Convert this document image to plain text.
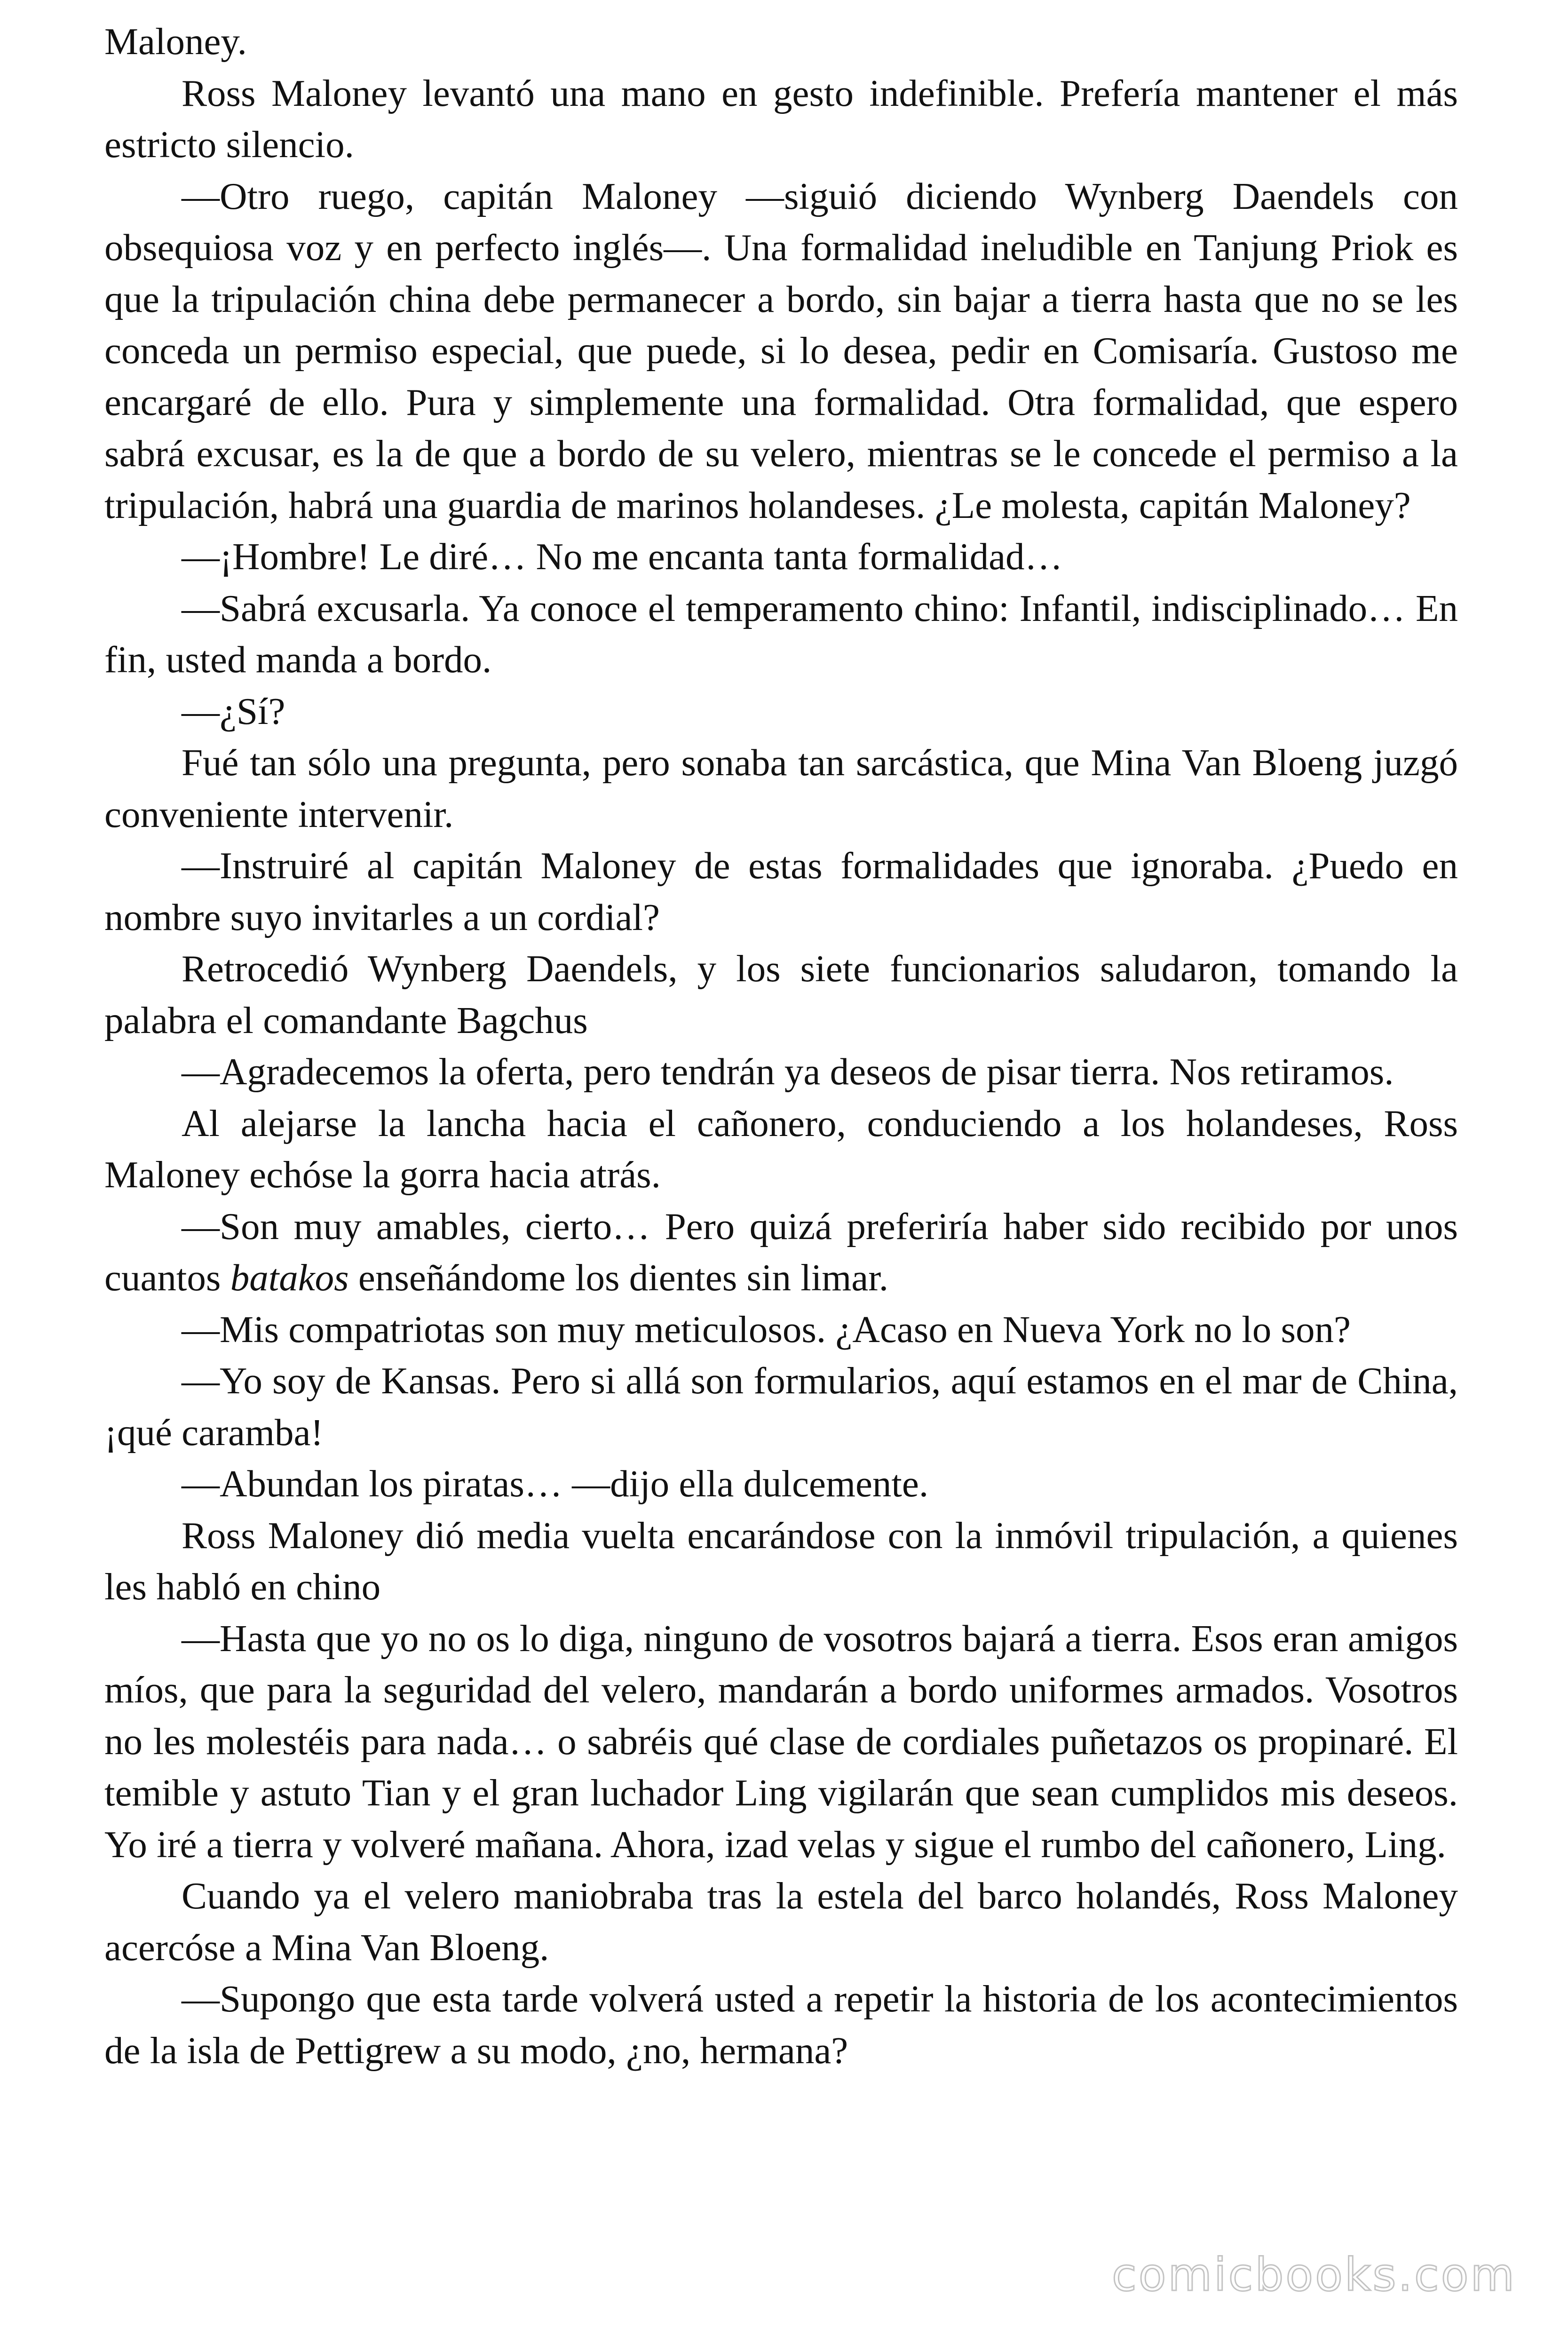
Maloney.

Ross Maloney levantó una mano en gesto indefinible. Prefería mantener el más estricto silencio.

—Otro ruego, capitán Maloney —siguió diciendo Wynberg Daendels con obsequiosa voz y en perfecto inglés—. Una formalidad ineludible en Tanjung Priok es que la tripulación china debe permanecer a bordo, sin bajar a tierra hasta que no se les conceda un permiso especial, que puede, si lo desea, pedir en Comisaría. Gustoso me encargaré de ello. Pura y simplemente una formalidad. Otra formalidad, que espero sabrá excusar, es la de que a bordo de su velero, mientras se le concede el permiso a la tripulación, habrá una guardia de marinos holandeses. ¿Le molesta, capitán Maloney?

—¡Hombre! Le diré… No me encanta tanta formalidad…

—Sabrá excusarla. Ya conoce el temperamento chino: Infantil, indisciplinado… En fin, usted manda a bordo.

—¿Sí?

Fué tan sólo una pregunta, pero sonaba tan sarcástica, que Mina Van Bloeng juzgó conveniente intervenir.

—Instruiré al capitán Maloney de estas formalidades que ignoraba. ¿Puedo en nombre suyo invitarles a un cordial?

Retrocedió Wynberg Daendels, y los siete funcionarios saludaron, tomando la palabra el comandante Bagchus

—Agradecemos la oferta, pero tendrán ya deseos de pisar tierra. Nos retiramos.

Al alejarse la lancha hacia el cañonero, conduciendo a los holandeses, Ross Maloney echóse la gorra hacia atrás.

—Son muy amables, cierto… Pero quizá preferiría haber sido recibido por unos cuantos batakos enseñándome los dientes sin limar.

—Mis compatriotas son muy meticulosos. ¿Acaso en Nueva York no lo son?

—Yo soy de Kansas. Pero si allá son formularios, aquí estamos en el mar de China, ¡qué caramba!

—Abundan los piratas… —dijo ella dulcemente.

Ross Maloney dió media vuelta encarándose con la inmóvil tripulación, a quienes les habló en chino

—Hasta que yo no os lo diga, ninguno de vosotros bajará a tierra. Esos eran amigos míos, que para la seguridad del velero, mandarán a bordo uniformes armados. Vosotros no les molestéis para nada… o sabréis qué clase de cordiales puñetazos os propinaré. El temible y astuto Tian y el gran luchador Ling vigilarán que sean cumplidos mis deseos. Yo iré a tierra y volveré mañana. Ahora, izad velas y sigue el rumbo del cañonero, Ling.

Cuando ya el velero maniobraba tras la estela del barco holandés, Ross Maloney acercóse a Mina Van Bloeng.

—Supongo que esta tarde volverá usted a repetir la historia de los acontecimientos de la isla de Pettigrew a su modo, ¿no, hermana?

comicbooks.com
